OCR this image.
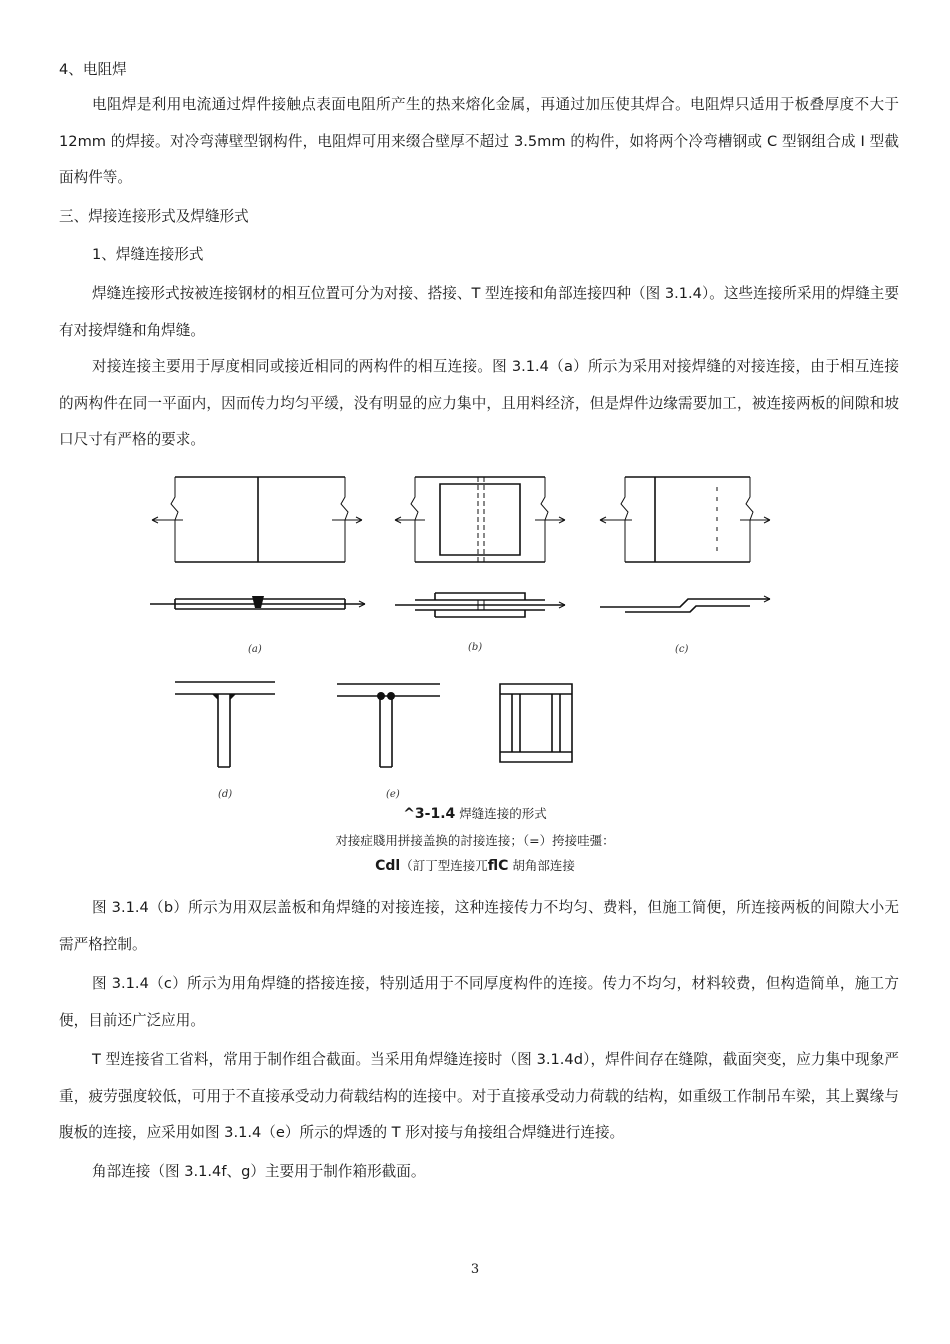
4、电阻焊

电阻焊是利用电流通过焊件接触点表面电阻所产生的热来熔化金属，再通过加压使其焊合。电阻焊只适用于板叠厚度不大于 12mm 的焊接。对冷弯薄壁型钢构件，电阻焊可用来缀合壁厚不超过 3.5mm 的构件，如将两个冷弯槽钢或 C 型钢组合成 I 型截面构件等。

三、焊接连接形式及焊缝形式

1、焊缝连接形式

焊缝连接形式按被连接钢材的相互位置可分为对接、搭接、T 型连接和角部连接四种（图 3.1.4）。这些连接所采用的焊缝主要有对接焊缝和角焊缝。

对接连接主要用于厚度相同或接近相同的两构件的相互连接。图 3.1.4（a）所示为采用对接焊缝的对接连接，由于相互连接的两构件在同一平面内，因而传力均匀平缓，没有明显的应力集中，且用料经济，但是焊件边缘需要加工，被连接两板的间隙和坡口尺寸有严格的要求。

(a)	(b)	(c)
(d)	(e)

^3-1.4 焊缝连接的形式

对接症賤用拼接盖换的討接连接；（=）挎接哇彊：

Cdl（訂丁型连接兀flC 胡角部连接

图 3.1.4（b）所示为用双层盖板和角焊缝的对接连接，这种连接传力不均匀、费料，但施工简便，所连接两板的间隙大小无需严格控制。

图 3.1.4（c）所示为用角焊缝的搭接连接，特别适用于不同厚度构件的连接。传力不均匀，材料较费，但构造简单，施工方便，目前还广泛应用。

T 型连接省工省料，常用于制作组合截面。当采用角焊缝连接时（图 3.1.4d），焊件间存在缝隙，截面突变，应力集中现象严重，疲劳强度较低，可用于不直接承受动力荷载结构的连接中。对于直接承受动力荷载的结构，如重级工作制吊车梁，其上翼缘与腹板的连接，应采用如图 3.1.4（e）所示的焊透的 T 形对接与角接组合焊缝进行连接。

角部连接（图 3.1.4f、g）主要用于制作箱形截面。

3
